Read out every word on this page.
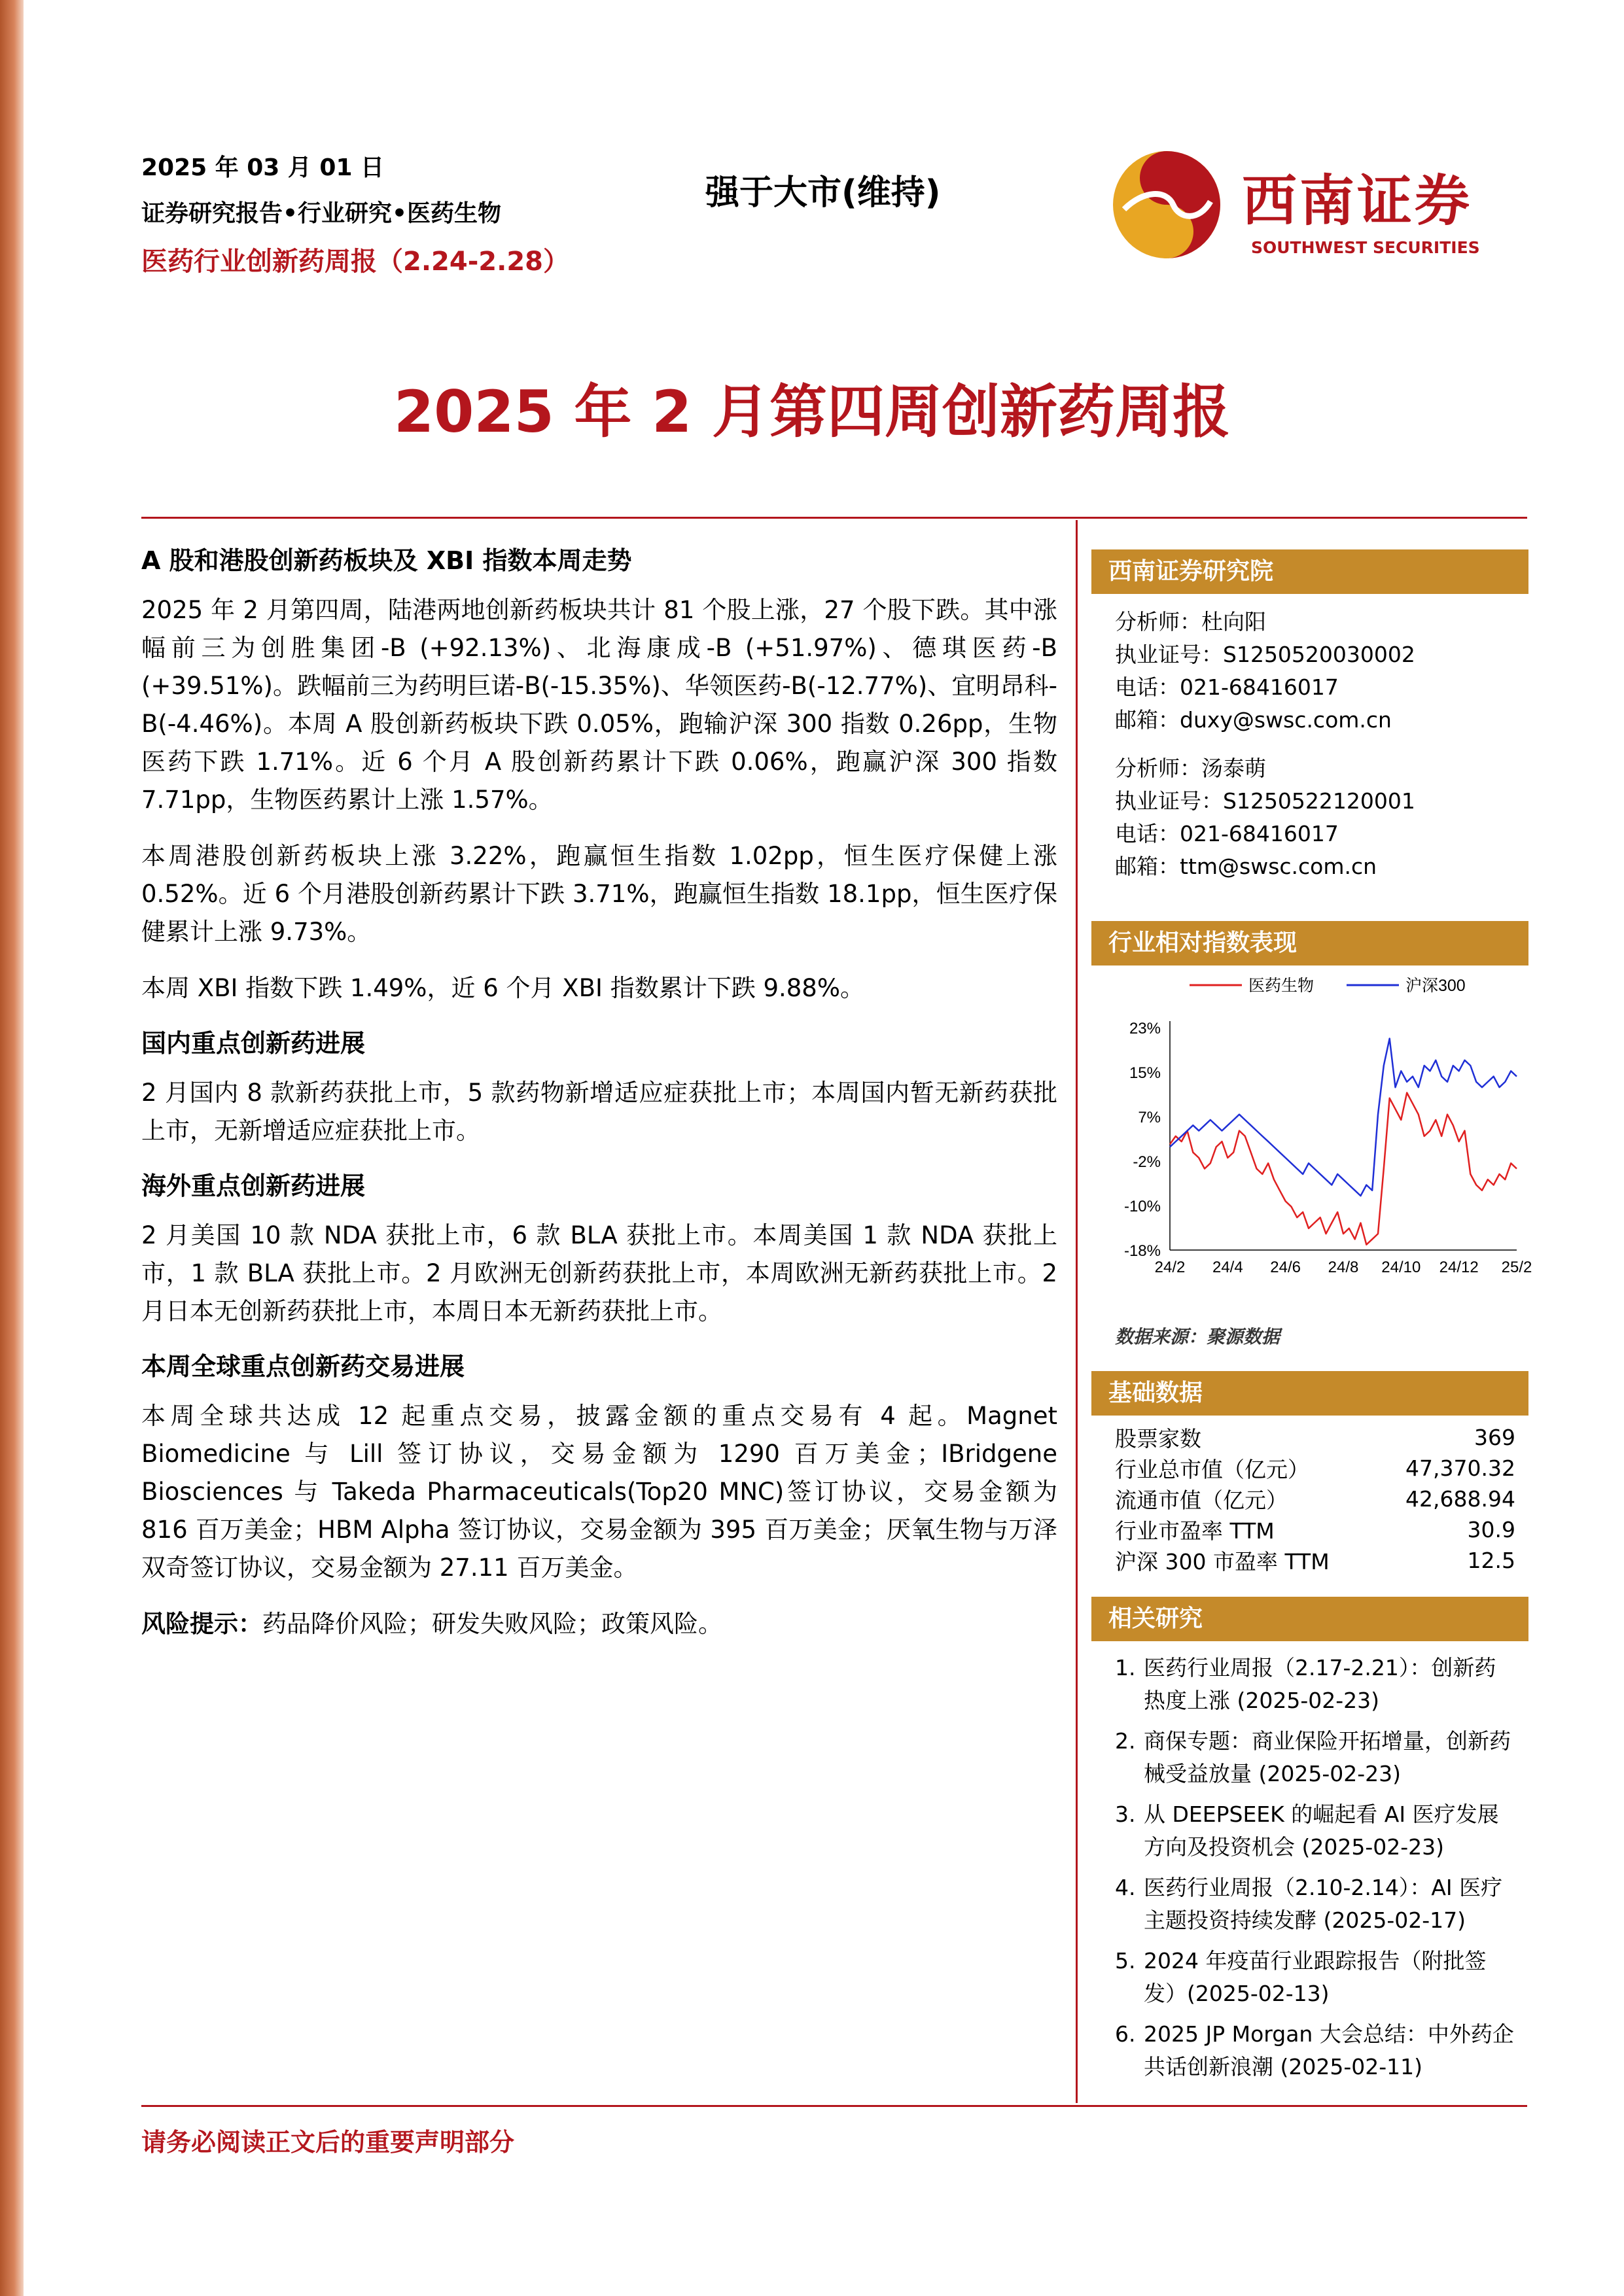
2025 年 03 月 01 日
证券研究报告•行业研究•医药生物
医药行业创新药周报（2.24-2.28）
强于大市(维持)	西南证券
SOUTHWEST SECURITIES
2025 年 2 月第四周创新药周报
A 股和港股创新药板块及 XBI 指数本周走势

2025 年 2 月第四周，陆港两地创新药板块共计 81 个股上涨，27 个股下跌。其中涨幅前三为创胜集团-B (+92.13%)、北海康成-B (+51.97%)、德琪医药-B (+39.51%)。跌幅前三为药明巨诺-B(-15.35%)、华领医药-B(-12.77%)、宜明昂科-B(-4.46%)。本周 A 股创新药板块下跌 0.05%，跑输沪深 300 指数 0.26pp，生物医药下跌 1.71%。近 6 个月 A 股创新药累计下跌 0.06%，跑赢沪深 300 指数 7.71pp，生物医药累计上涨 1.57%。

本周港股创新药板块上涨 3.22%，跑赢恒生指数 1.02pp，恒生医疗保健上涨 0.52%。近 6 个月港股创新药累计下跌 3.71%，跑赢恒生指数 18.1pp，恒生医疗保健累计上涨 9.73%。

本周 XBI 指数下跌 1.49%，近 6 个月 XBI 指数累计下跌 9.88%。

国内重点创新药进展

2 月国内 8 款新药获批上市，5 款药物新增适应症获批上市；本周国内暂无新药获批上市，无新增适应症获批上市。

海外重点创新药进展

2 月美国 10 款 NDA 获批上市，6 款 BLA 获批上市。本周美国 1 款 NDA 获批上市，1 款 BLA 获批上市。2 月欧洲无创新药获批上市，本周欧洲无新药获批上市。2 月日本无创新药获批上市，本周日本无新药获批上市。

本周全球重点创新药交易进展

本周全球共达成 12 起重点交易，披露金额的重点交易有 4 起。Magnet Biomedicine 与 Lill 签订协议，交易金额为 1290 百万美金；IBridgene Biosciences 与 Takeda Pharmaceuticals(Top20 MNC)签订协议，交易金额为 816 百万美金；HBM Alpha 签订协议，交易金额为 395 百万美金；厌氧生物与万泽双奇签订协议，交易金额为 27.11 百万美金。

风险提示：药品降价风险；研发失败风险；政策风险。

西南证券研究院
分析师：杜向阳
执业证号：S1250520030002
电话：021-68416017
邮箱：duxy@swsc.com.cn
分析师：汤泰萌
执业证号：S1250522120001
电话：021-68416017
邮箱：ttm@swsc.com.cn
行业相对指数表现
23%
15%
7%
-2%
-10%
-18%
24/2 24/4 24/6 24/8 24/10 24/12 25/2
医药生物	沪深300
数据来源：聚源数据
基础数据
股票家数	369
行业总市值（亿元）	47,370.32
流通市值（亿元）	42,688.94
行业市盈率 TTM	30.9
沪深 300 市盈率 TTM	12.5
相关研究
1. 医药行业周报（2.17-2.21）：创新药热度上涨 (2025-02-23)
2. 商保专题：商业保险开拓增量，创新药械受益放量 (2025-02-23)
3. 从 DEEPSEEK 的崛起看 AI 医疗发展方向及投资机会 (2025-02-23)
4. 医药行业周报（2.10-2.14）：AI 医疗主题投资持续发酵 (2025-02-17)
5. 2024 年疫苗行业跟踪报告（附批签发）(2025-02-13)
6. 2025 JP Morgan 大会总结：中外药企共话创新浪潮 (2025-02-11)
请务必阅读正文后的重要声明部分
